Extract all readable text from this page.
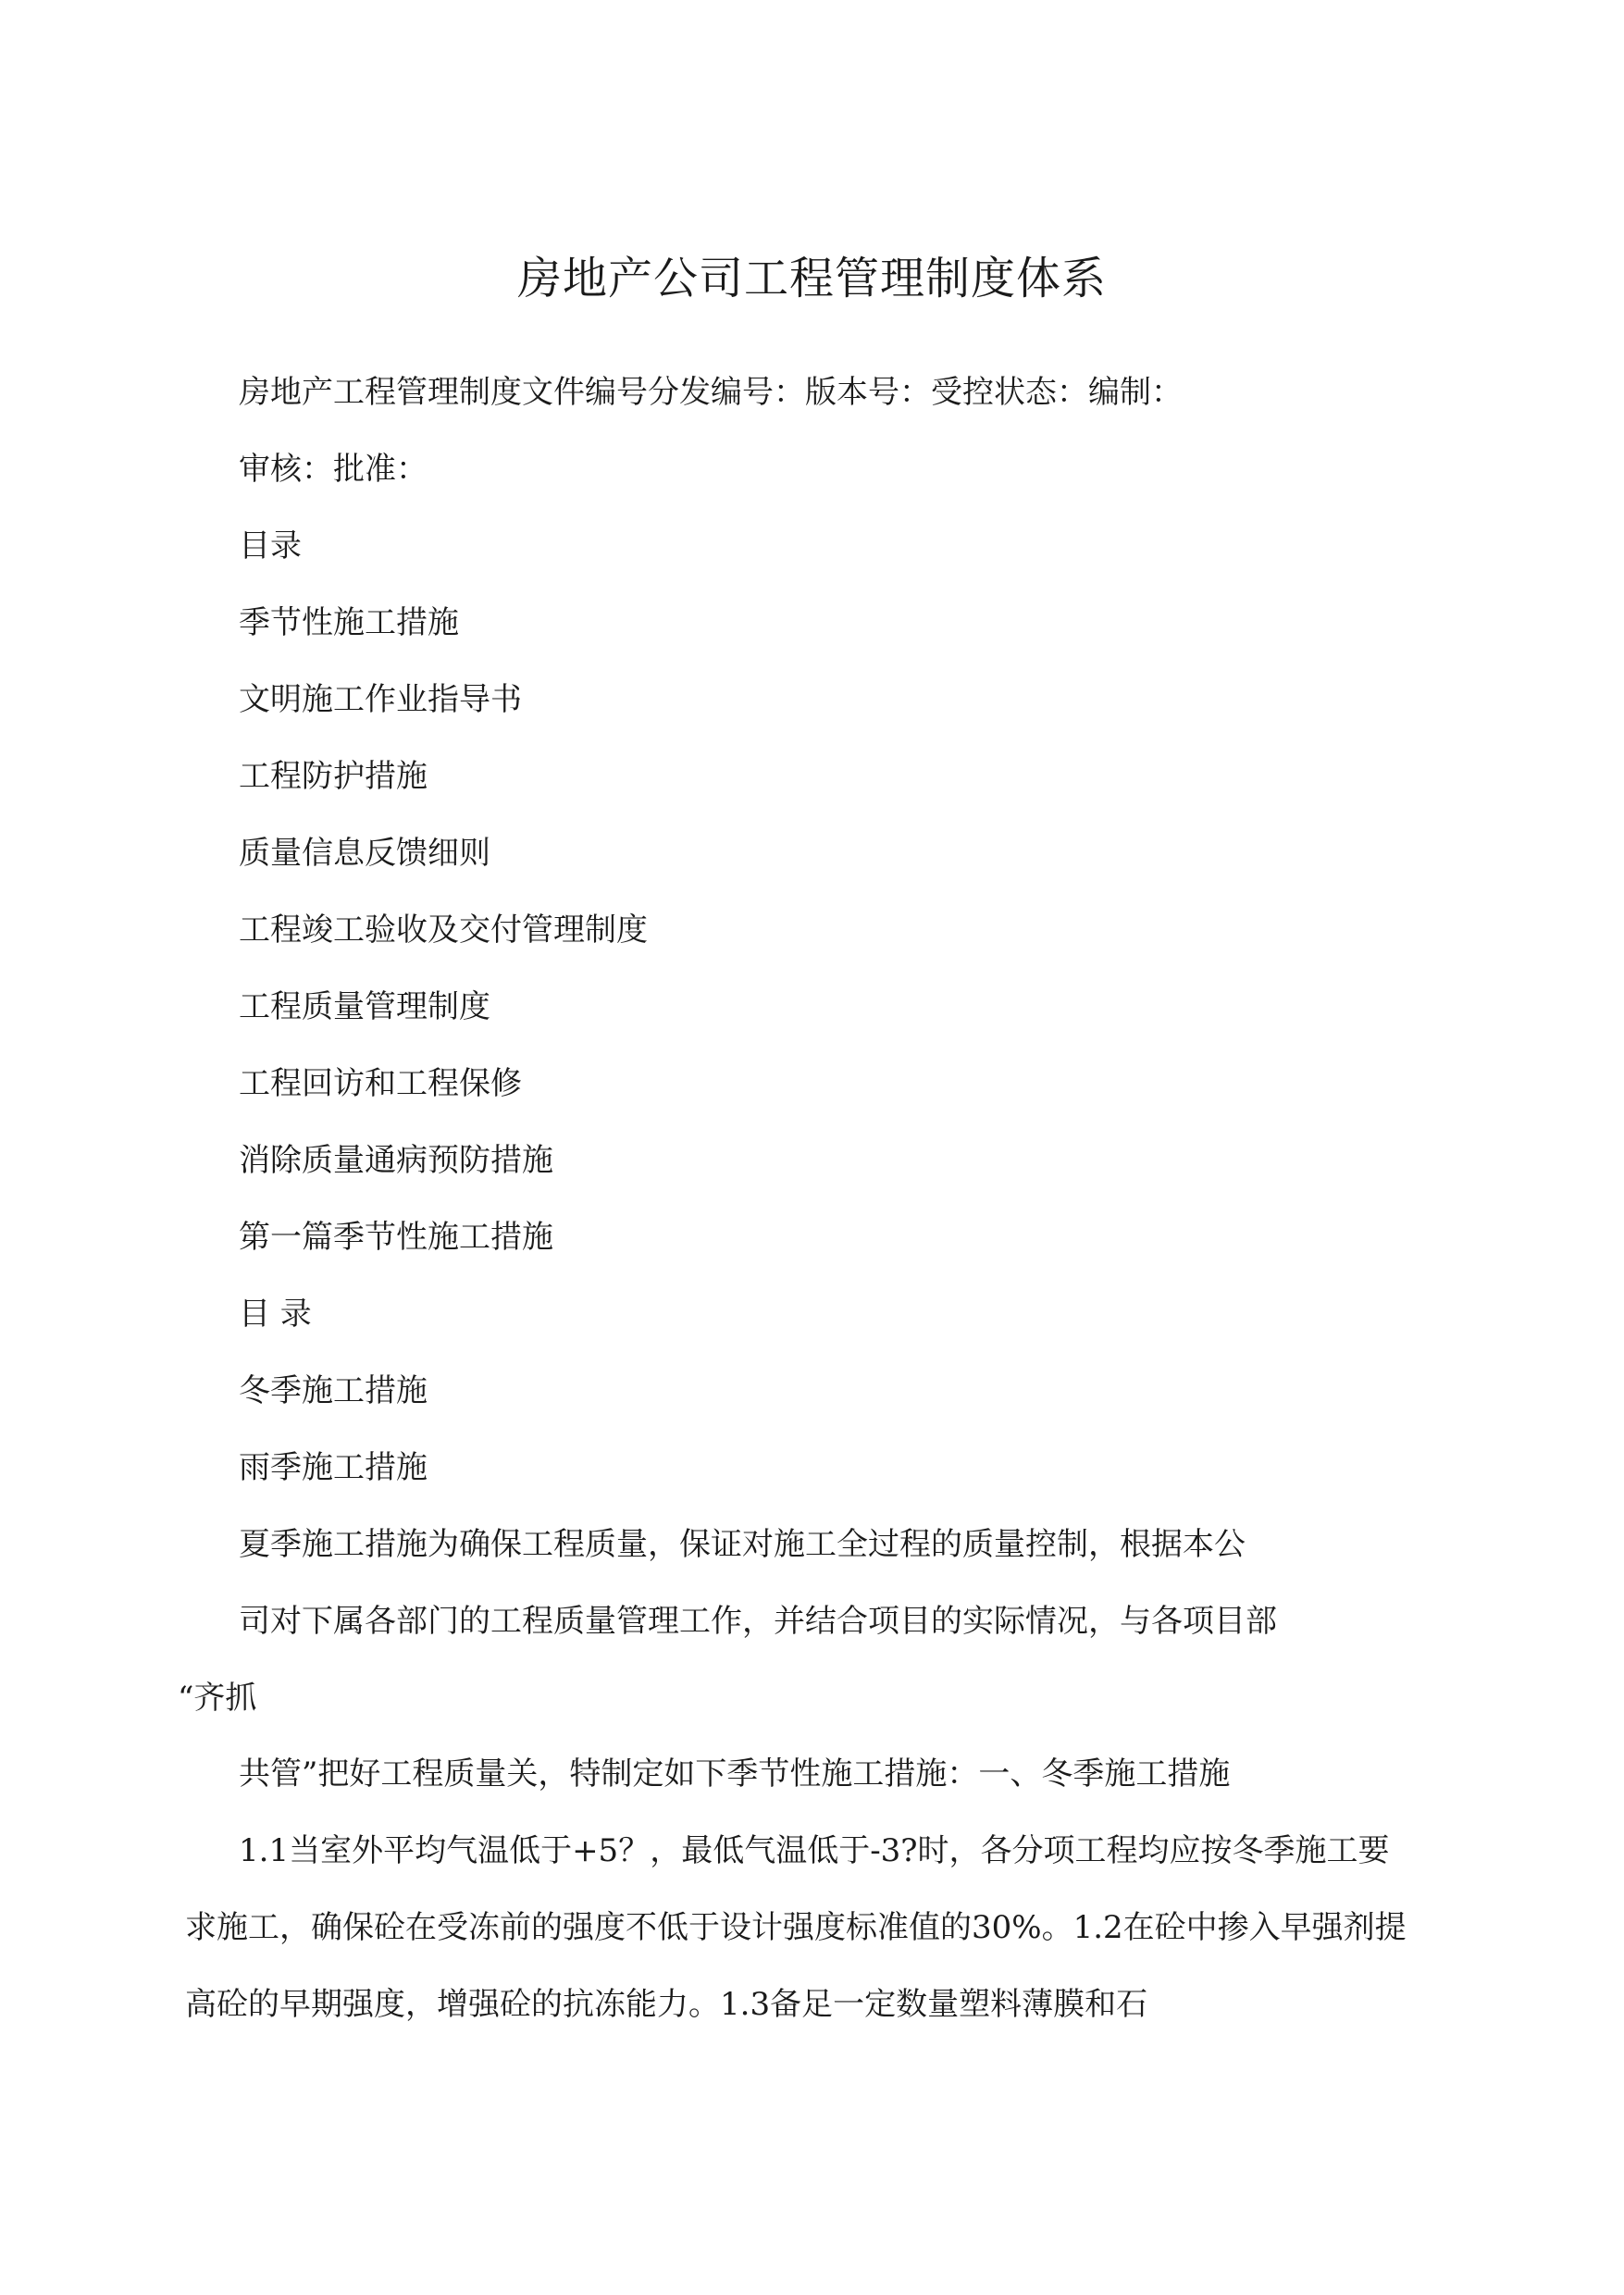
房地产公司工程管理制度体系
房地产工程管理制度文件编号分发编号：版本号：受控状态：编制：
审核：批准：
目录
季节性施工措施
文明施工作业指导书
工程防护措施
质量信息反馈细则
工程竣工验收及交付管理制度
工程质量管理制度
工程回访和工程保修
消除质量通病预防措施
第一篇季节性施工措施
目 录
冬季施工措施
雨季施工措施
夏季施工措施为确保工程质量，保证对施工全过程的质量控制，根据本公
司对下属各部门的工程质量管理工作，并结合项目的实际情况，与各项目部
“齐抓
共管”把好工程质量关，特制定如下季节性施工措施：一、冬季施工措施
1.1当室外平均气温低于+5？，最低气温低于-3?时，各分项工程均应按冬季施工要
求施工，确保砼在受冻前的强度不低于设计强度标准值的30%。1.2在砼中掺入早强剂提
高砼的早期强度，增强砼的抗冻能力。1.3备足一定数量塑料薄膜和石
